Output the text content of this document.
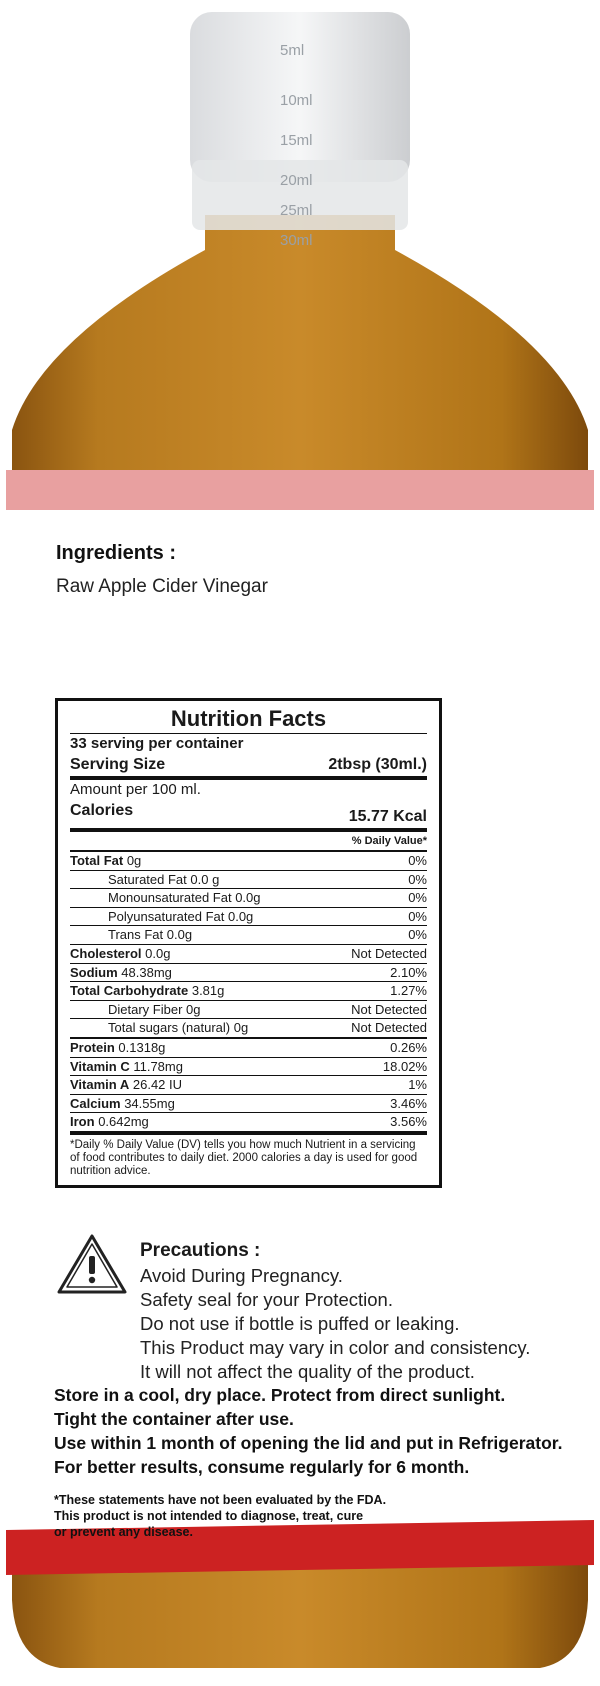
5ml
10ml
15ml
20ml
25ml
30ml
Ingredients :
Raw Apple Cider Vinegar
Nutrition Facts
33 serving per container
Serving Size	2tbsp (30ml.)
Amount per 100 ml.
Calories	15.77 Kcal
% Daily Value*
Total Fat 0g	0%
Saturated Fat 0.0 g	0%
Monounsaturated Fat 0.0g	0%
Polyunsaturated Fat 0.0g	0%
Trans Fat 0.0g	0%
Cholesterol 0.0g	Not Detected
Sodium 48.38mg	2.10%
Total Carbohydrate 3.81g	1.27%
Dietary Fiber 0g	Not Detected
Total sugars (natural) 0g	Not Detected
Protein 0.1318g	0.26%
Vitamin C 11.78mg	18.02%
Vitamin A 26.42 IU	1%
Calcium 34.55mg	3.46%
Iron 0.642mg	3.56%
*Daily % Daily Value (DV) tells you how much Nutrient in a servicing of food contributes to daily diet. 2000 calories a day is used for good nutrition advice.
Precautions :
Avoid During Pregnancy.
Safety seal for your Protection.
Do not use if bottle is puffed or leaking.
This Product may vary in color and consistency.
It will not affect the quality of the product.
Store in a cool, dry place. Protect from direct sunlight.
Tight the container after use.
Use within 1 month of opening the lid and put in Refrigerator.
For better results, consume regularly for 6 month.
*These statements have not been evaluated by the FDA.
This product is not intended to diagnose, treat, cure
or prevent any disease.
